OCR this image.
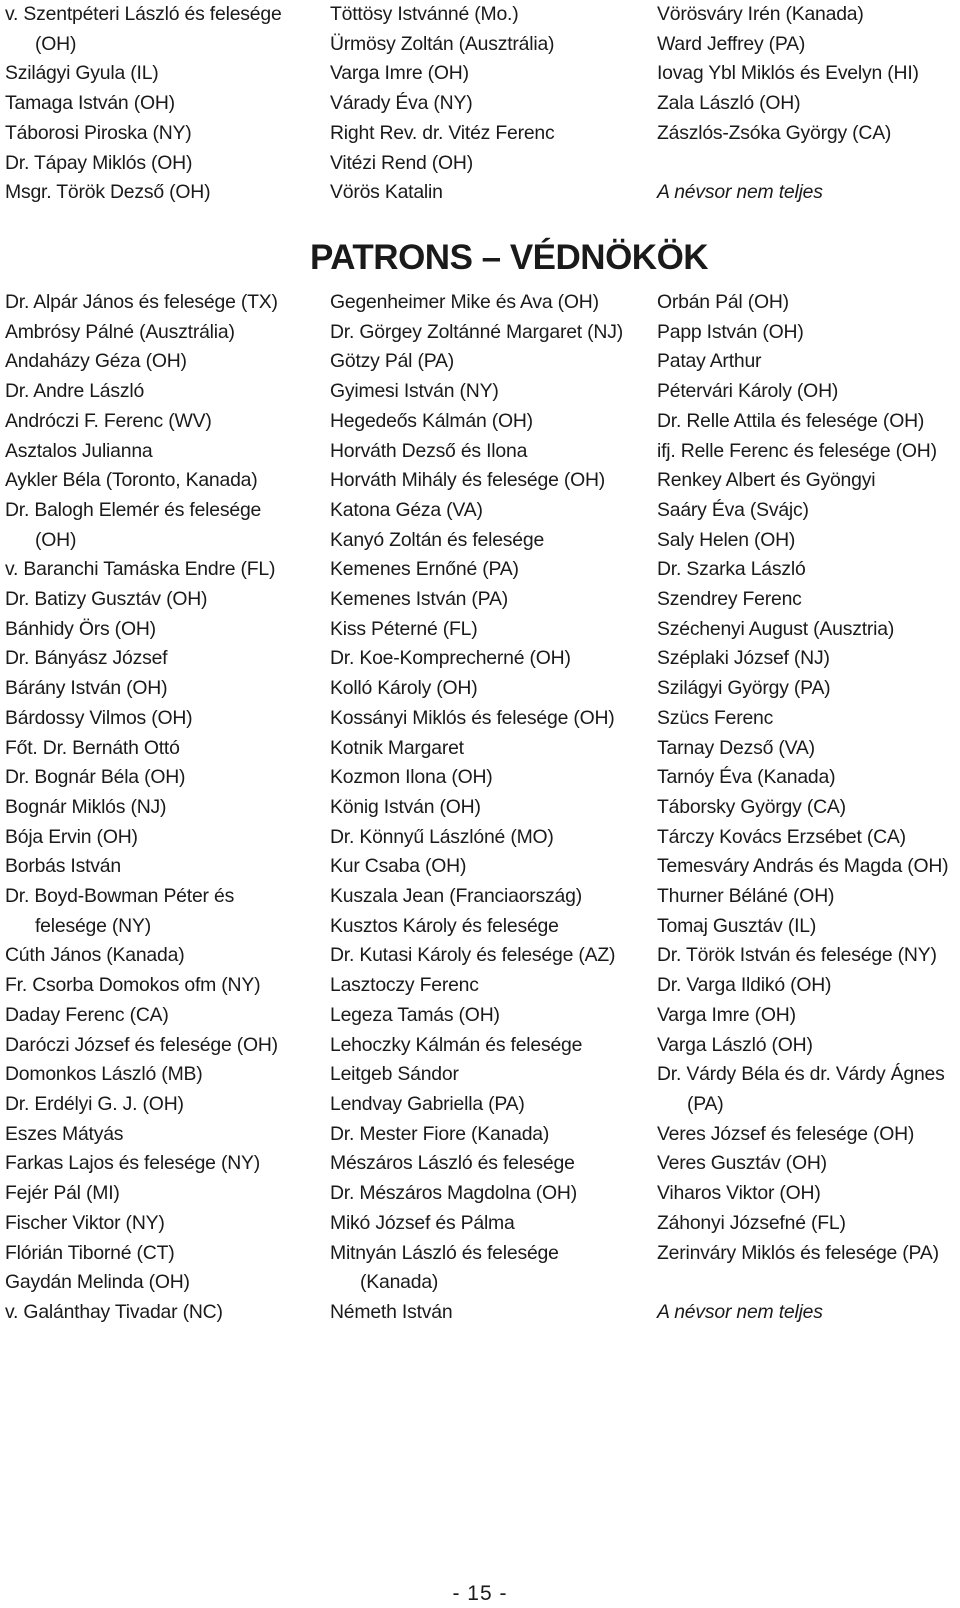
v. Szentpéteri László és felesége
(OH)
Szilágyi Gyula (IL)
Tamaga István (OH)
Táborosi Piroska (NY)
Dr. Tápay Miklós (OH)
Msgr. Török Dezső (OH)
Töttösy Istvánné (Mo.)
Ürmösy Zoltán (Ausztrália)
Varga Imre (OH)
Várady Éva (NY)
Right Rev. dr. Vitéz Ferenc
Vitézi Rend (OH)
Vörös Katalin
Vörösváry Irén (Kanada)
Ward Jeffrey (PA)
Iovag Ybl Miklós és Evelyn (HI)
Zala László (OH)
Zászlós-Zsóka György (CA)
A névsor nem teljes
PATRONS – VÉDNÖKÖK
Dr. Alpár János és felesége (TX)
Ambrósy Pálné (Ausztrália)
Andaházy Géza (OH)
Dr. Andre László
Andróczi F. Ferenc (WV)
Asztalos Julianna
Aykler Béla (Toronto, Kanada)
Dr. Balogh Elemér és felesége
(OH)
v. Baranchi Tamáska Endre (FL)
Dr. Batizy Gusztáv (OH)
Bánhidy Örs (OH)
Dr. Bányász József
Bárány István (OH)
Bárdossy Vilmos (OH)
Főt. Dr. Bernáth Ottó
Dr. Bognár Béla (OH)
Bognár Miklós (NJ)
Bója Ervin (OH)
Borbás István
Dr. Boyd-Bowman Péter és
felesége (NY)
Cúth János (Kanada)
Fr. Csorba Domokos ofm (NY)
Daday Ferenc (CA)
Daróczi József és felesége (OH)
Domonkos László (MB)
Dr. Erdélyi G. J. (OH)
Eszes Mátyás
Farkas Lajos és felesége (NY)
Fejér Pál (MI)
Fischer Viktor (NY)
Flórián Tiborné (CT)
Gaydán Melinda (OH)
v. Galánthay Tivadar (NC)
Gegenheimer Mike és Ava (OH)
Dr. Görgey Zoltánné Margaret (NJ)
Götzy Pál (PA)
Gyimesi István (NY)
Hegedeős Kálmán (OH)
Horváth Dezső és Ilona
Horváth Mihály és felesége (OH)
Katona Géza (VA)
Kanyó Zoltán és felesége
Kemenes Ernőné (PA)
Kemenes István (PA)
Kiss Péterné (FL)
Dr. Koe-Komprecherné (OH)
Kolló Károly (OH)
Kossányi Miklós és felesége (OH)
Kotnik Margaret
Kozmon Ilona (OH)
König István (OH)
Dr. Könnyű Lászlóné (MO)
Kur Csaba (OH)
Kuszala Jean (Franciaország)
Kusztos Károly és felesége
Dr. Kutasi Károly és felesége (AZ)
Lasztoczy Ferenc
Legeza Tamás (OH)
Lehoczky Kálmán és felesége
Leitgeb Sándor
Lendvay Gabriella (PA)
Dr. Mester Fiore (Kanada)
Mészáros László és felesége
Dr. Mészáros Magdolna (OH)
Mikó József és Pálma
Mitnyán László és felesége
(Kanada)
Németh István
Orbán Pál (OH)
Papp István (OH)
Patay Arthur
Pétervári Károly (OH)
Dr. Relle Attila és felesége (OH)
ifj. Relle Ferenc és felesége (OH)
Renkey Albert és Gyöngyi
Saáry Éva (Svájc)
Saly Helen (OH)
Dr. Szarka László
Szendrey Ferenc
Széchenyi August (Ausztria)
Széplaki József (NJ)
Szilágyi György (PA)
Szücs Ferenc
Tarnay Dezső (VA)
Tarnóy Éva (Kanada)
Táborsky György (CA)
Tárczy Kovács Erzsébet (CA)
Temesváry András és Magda (OH)
Thurner Béláné (OH)
Tomaj Gusztáv (IL)
Dr. Török István és felesége (NY)
Dr. Varga Ildikó (OH)
Varga Imre (OH)
Varga László (OH)
Dr. Várdy Béla és dr. Várdy Ágnes
(PA)
Veres József és felesége (OH)
Veres Gusztáv (OH)
Viharos Viktor (OH)
Záhonyi Józsefné (FL)
Zerinváry Miklós és felesége (PA)
A névsor nem teljes
- 15 -
